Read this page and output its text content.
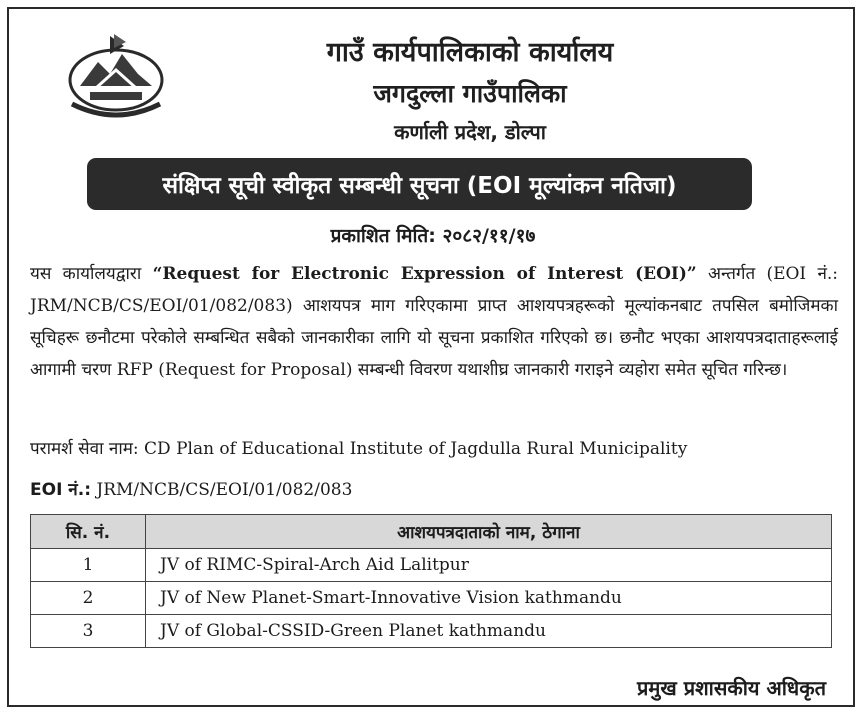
गाउँ कार्यपालिकाको कार्यालय
जगदुल्ला गाउँपालिका
कर्णाली प्रदेश, डोल्पा
संक्षिप्त सूची स्वीकृत सम्बन्धी सूचना (EOI मूल्यांकन नतिजा)
प्रकाशित मिति: २०८२/११/१७
यस कार्यालयद्वारा “Request for Electronic Expression of Interest (EOI)” अन्तर्गत (EOI नं.: JRM/NCB/CS/EOI/01/082/083) आशयपत्र माग गरिएकामा प्राप्त आशयपत्रहरूको मूल्यांकनबाट तपसिल बमोजिमका सूचिहरू छनौटमा परेकोले सम्बन्धित सबैको जानकारीका लागि यो सूचना प्रकाशित गरिएको छ। छनौट भएका आशयपत्रदाताहरूलाई आगामी चरण RFP (Request for Proposal) सम्बन्धी विवरण यथाशीघ्र जानकारी गराइने व्यहोरा समेत सूचित गरिन्छ।
परामर्श सेवा नाम: CD Plan of Educational Institute of Jagdulla Rural Municipality
EOI नं.: JRM/NCB/CS/EOI/01/082/083
सि. नं.	आशयपत्रदाताको नाम, ठेगाना
1	JV of RIMC-Spiral-Arch Aid Lalitpur
2	JV of New Planet-Smart-Innovative Vision kathmandu
3	JV of Global-CSSID-Green Planet kathmandu
प्रमुख प्रशासकीय अधिकृत
